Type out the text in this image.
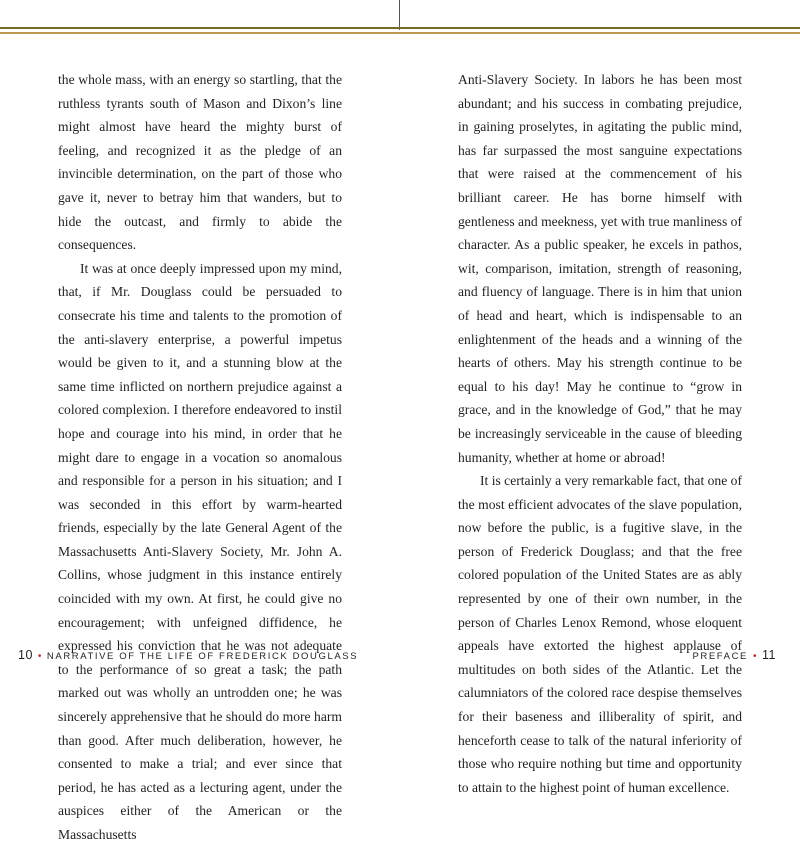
the whole mass, with an energy so startling, that the ruthless tyrants south of Mason and Dixon’s line might almost have heard the mighty burst of feeling, and recognized it as the pledge of an invincible determination, on the part of those who gave it, never to betray him that wanders, but to hide the outcast, and firmly to abide the consequences.

It was at once deeply impressed upon my mind, that, if Mr. Douglass could be persuaded to consecrate his time and talents to the promotion of the anti-slavery enterprise, a powerful impetus would be given to it, and a stunning blow at the same time inflicted on northern prejudice against a colored complexion. I therefore endeavored to instil hope and courage into his mind, in order that he might dare to engage in a vocation so anomalous and responsible for a person in his situation; and I was seconded in this effort by warm-hearted friends, especially by the late General Agent of the Massachusetts Anti-Slavery Society, Mr. John A. Collins, whose judgment in this instance entirely coincided with my own. At first, he could give no encouragement; with unfeigned diffidence, he expressed his conviction that he was not adequate to the performance of so great a task; the path marked out was wholly an untrodden one; he was sincerely apprehensive that he should do more harm than good. After much deliberation, however, he consented to make a trial; and ever since that period, he has acted as a lecturing agent, under the auspices either of the American or the Massachusetts

Anti-Slavery Society. In labors he has been most abundant; and his success in combating prejudice, in gaining proselytes, in agitating the public mind, has far surpassed the most sanguine expectations that were raised at the commencement of his brilliant career. He has borne himself with gentleness and meekness, yet with true manliness of character. As a public speaker, he excels in pathos, wit, comparison, imitation, strength of reasoning, and fluency of language. There is in him that union of head and heart, which is indispensable to an enlightenment of the heads and a winning of the hearts of others. May his strength continue to be equal to his day! May he continue to “grow in grace, and in the knowledge of God,” that he may be increasingly serviceable in the cause of bleeding humanity, whether at home or abroad!

It is certainly a very remarkable fact, that one of the most efficient advocates of the slave population, now before the public, is a fugitive slave, in the person of Frederick Douglass; and that the free colored population of the United States are as ably represented by one of their own number, in the person of Charles Lenox Remond, whose eloquent appeals have extorted the highest applause of multitudes on both sides of the Atlantic. Let the calumniators of the colored race despise themselves for their baseness and illiberality of spirit, and henceforth cease to talk of the natural inferiority of those who require nothing but time and opportunity to attain to the highest point of human excellence.

10 • NARRATIVE OF THE LIFE OF FREDERICK DOUGLASS	PREFACE • 11
